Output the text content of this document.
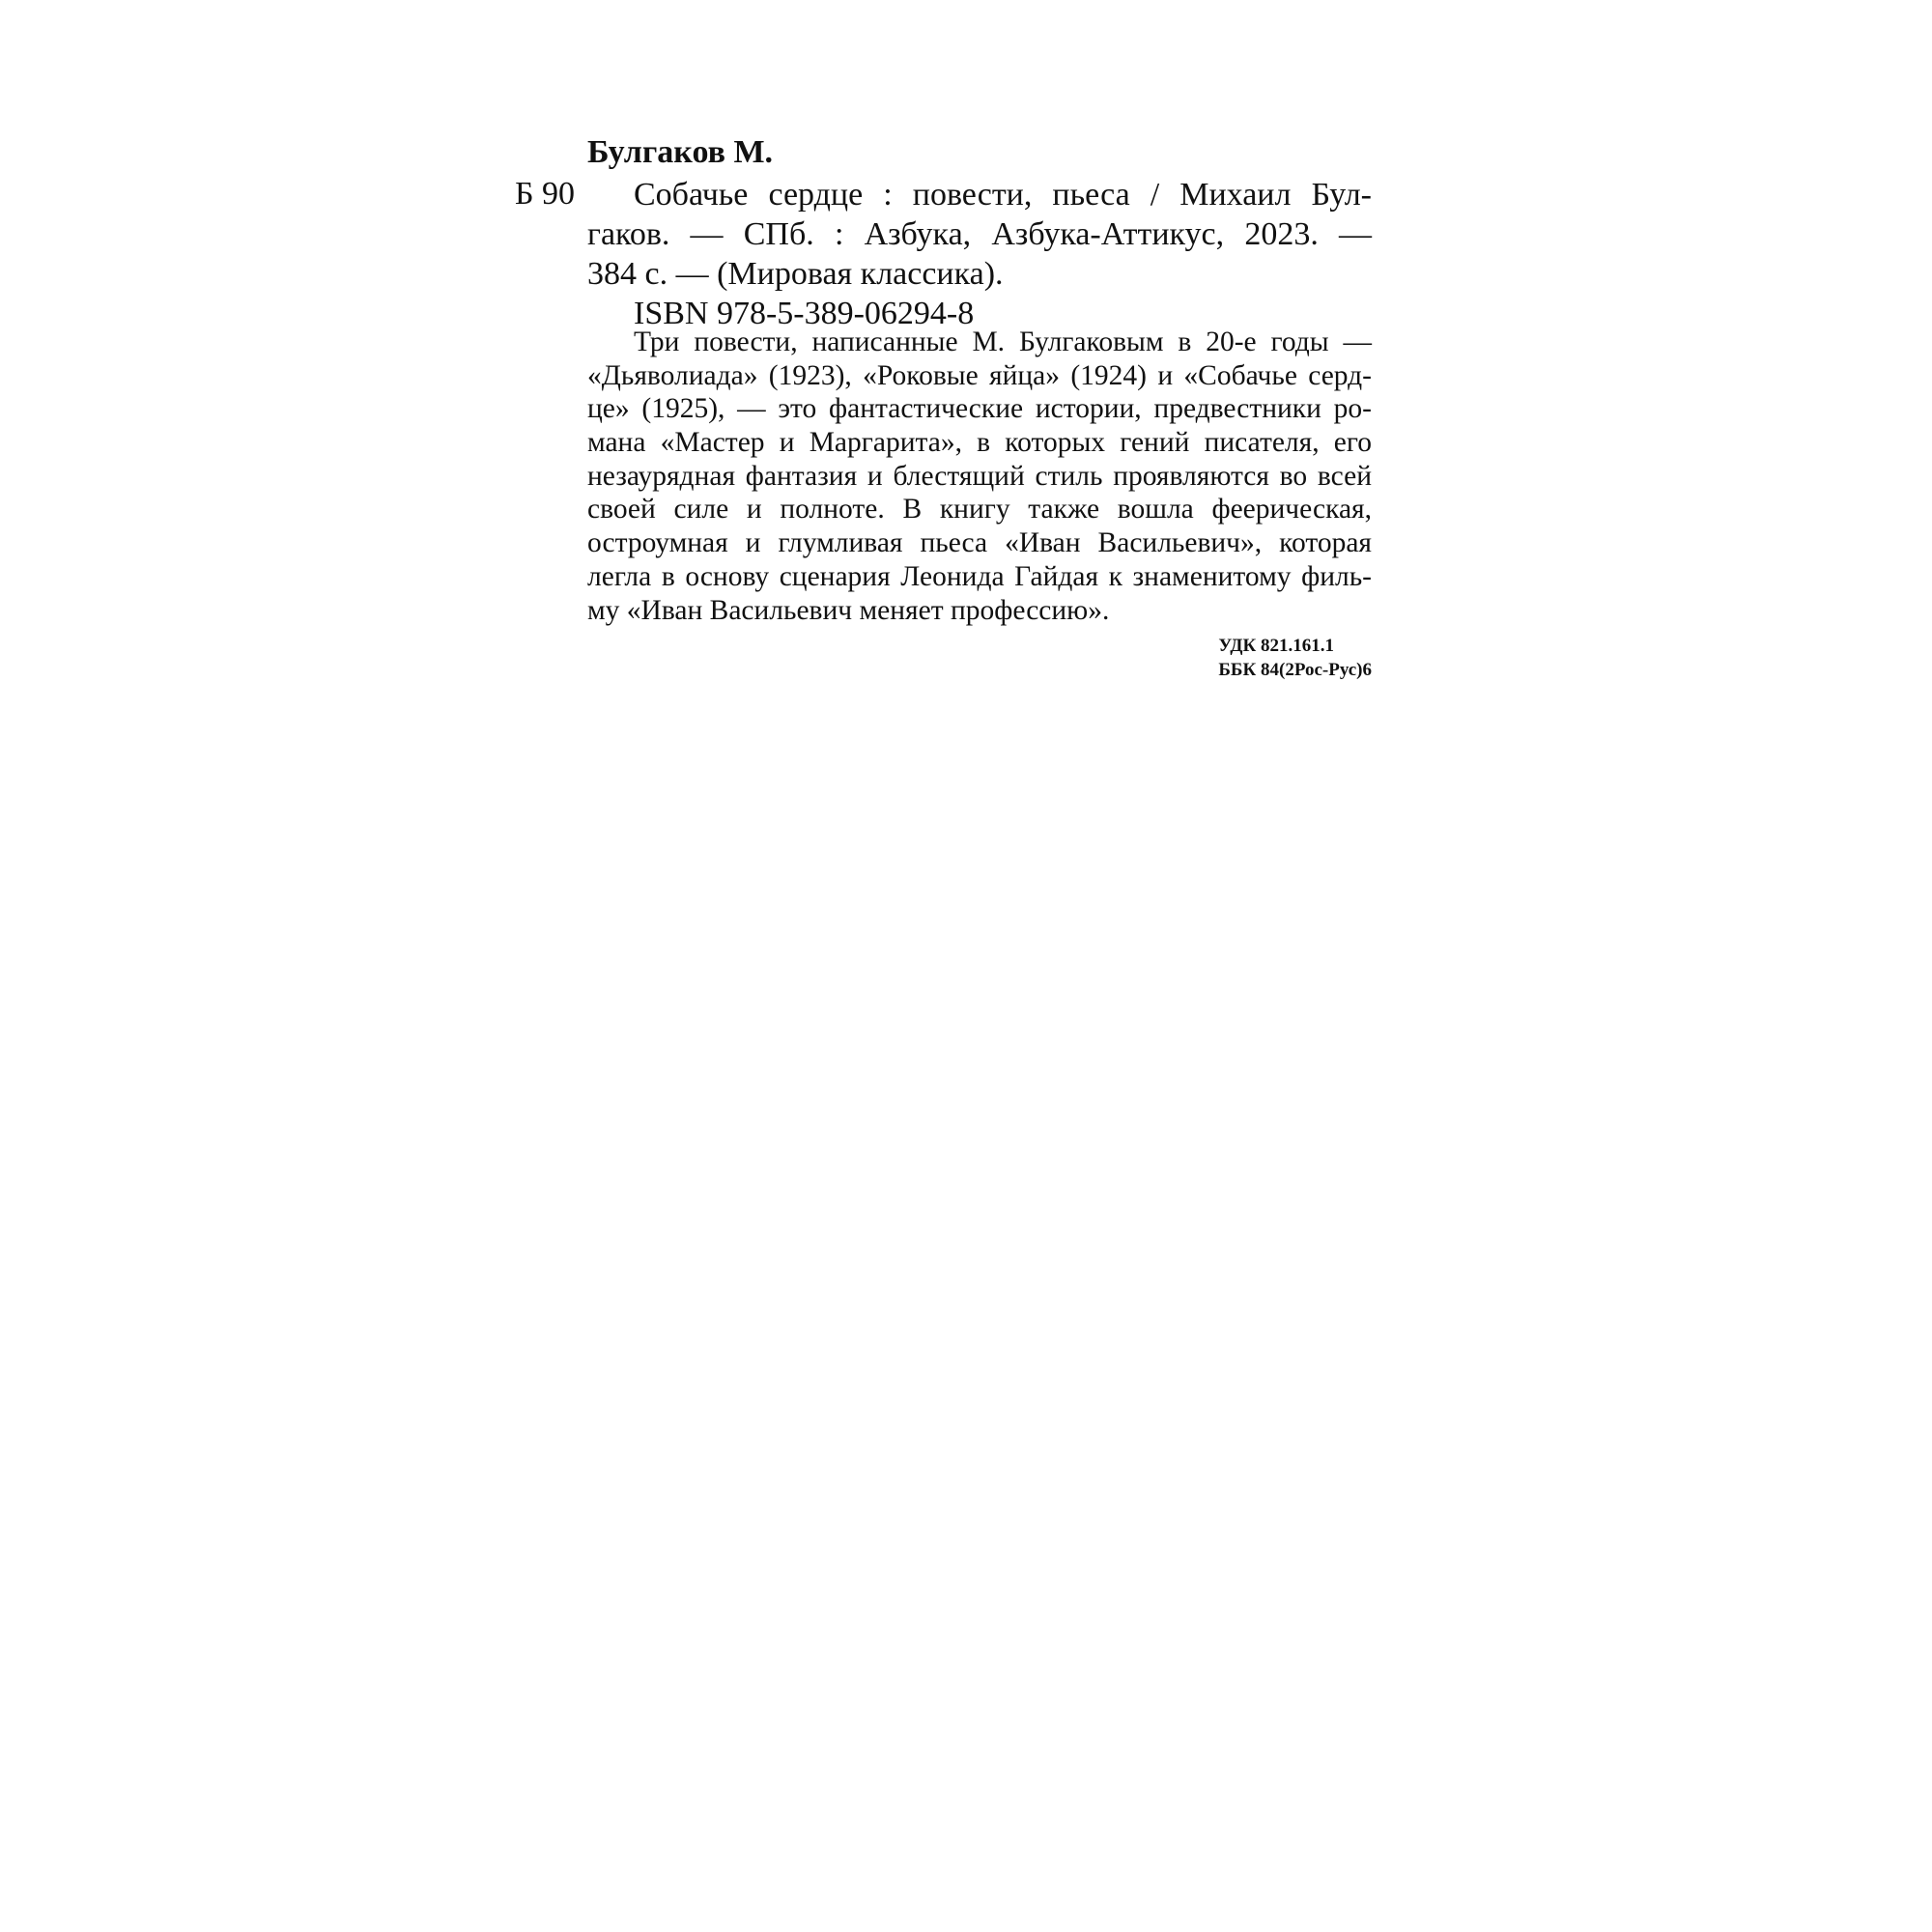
Булгаков М.
Б 90	Собачье сердце : повести, пьеса / Михаил Бул-
гаков. — СПб. : Азбука, Азбука-Аттикус, 2023. —
384 с. — (Мировая классика).
ISBN 978-5-389-06294-8
Три повести, написанные М. Булгаковым в 20-е годы —
«Дьяволиада» (1923), «Роковые яйца» (1924) и «Собачье серд-
це» (1925), — это фантастические истории, предвестники ро-
мана «Мастер и Маргарита», в которых гений писателя, его
незаурядная фантазия и блестящий стиль проявляются во всей
своей силе и полноте. В книгу также вошла феерическая,
остроумная и глумливая пьеса «Иван Васильевич», которая
легла в основу сценария Леонида Гайдая к знаменитому филь-
му «Иван Васильевич меняет профессию».
УДК 821.161.1
ББК 84(2Рос-Рус)6
